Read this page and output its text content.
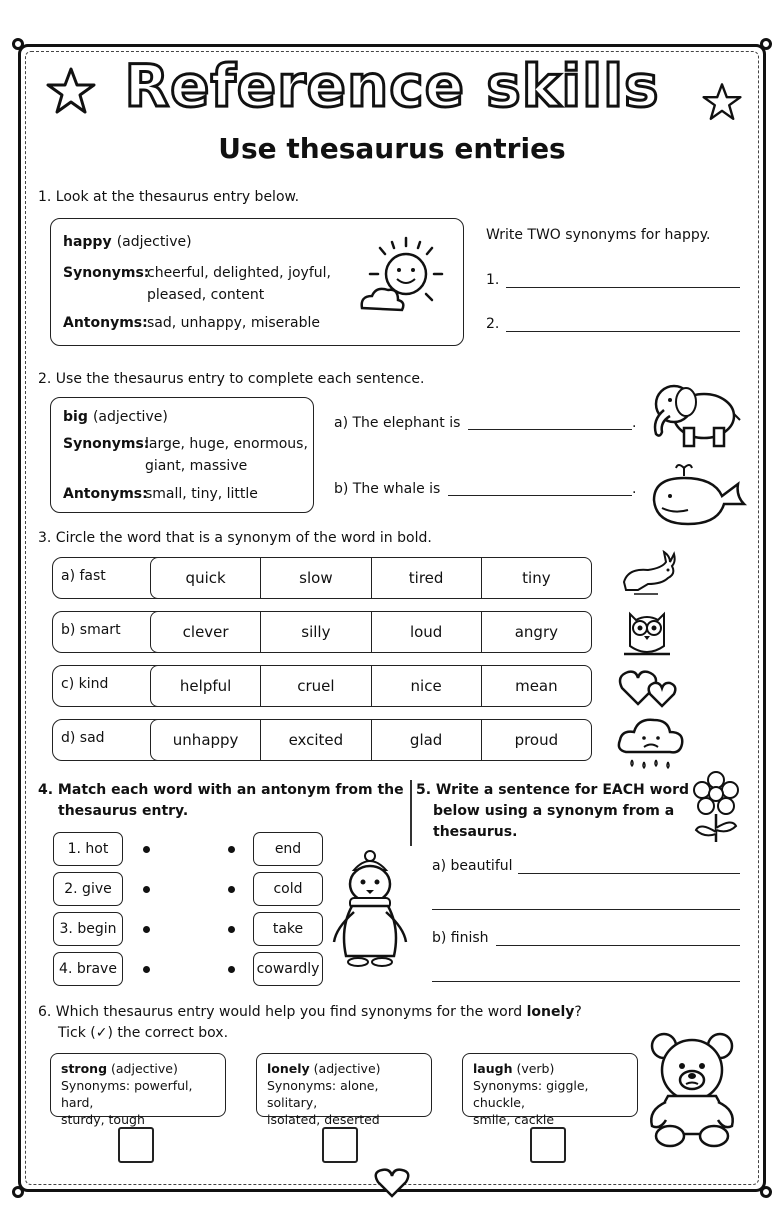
Reference skills
Use thesaurus entries
1. Look at the thesaurus entry below.
happy (adjective)
Synonyms:
cheerful, delighted, joyful,
pleased, content
Antonyms: sad, unhappy, miserable
Write TWO synonyms for happy.
1.
2.
2. Use the thesaurus entry to complete each sentence.
big (adjective)
Synonyms:
large, huge, enormous,
giant, massive
Antonyms:
small, tiny, little
a) The elephant is	.
b) The whale is	.
3. Circle the word that is a synonym of the word in bold.
a) fast	quick	slow	tired	tiny
b) smart	clever	silly	loud	angry
c) kind	helpful	cruel	nice	mean
d) sad	unhappy	excited	glad	proud
4. Match each word with an antonym from the
thesaurus entry.
1. hot
2. give
3. begin
4. brave
end
cold
take
cowardly
5. Write a sentence for EACH word
below using a synonym from a
thesaurus.
a) beautiful
b) finish
6. Which thesaurus entry would help you find synonyms for the word lonely?
Tick (✓) the correct box.
strong (adjective)
Synonyms: powerful, hard,
sturdy, tough
lonely (adjective)
Synonyms: alone, solitary,
isolated, deserted
laugh (verb)
Synonyms: giggle, chuckle,
smile, cackle
